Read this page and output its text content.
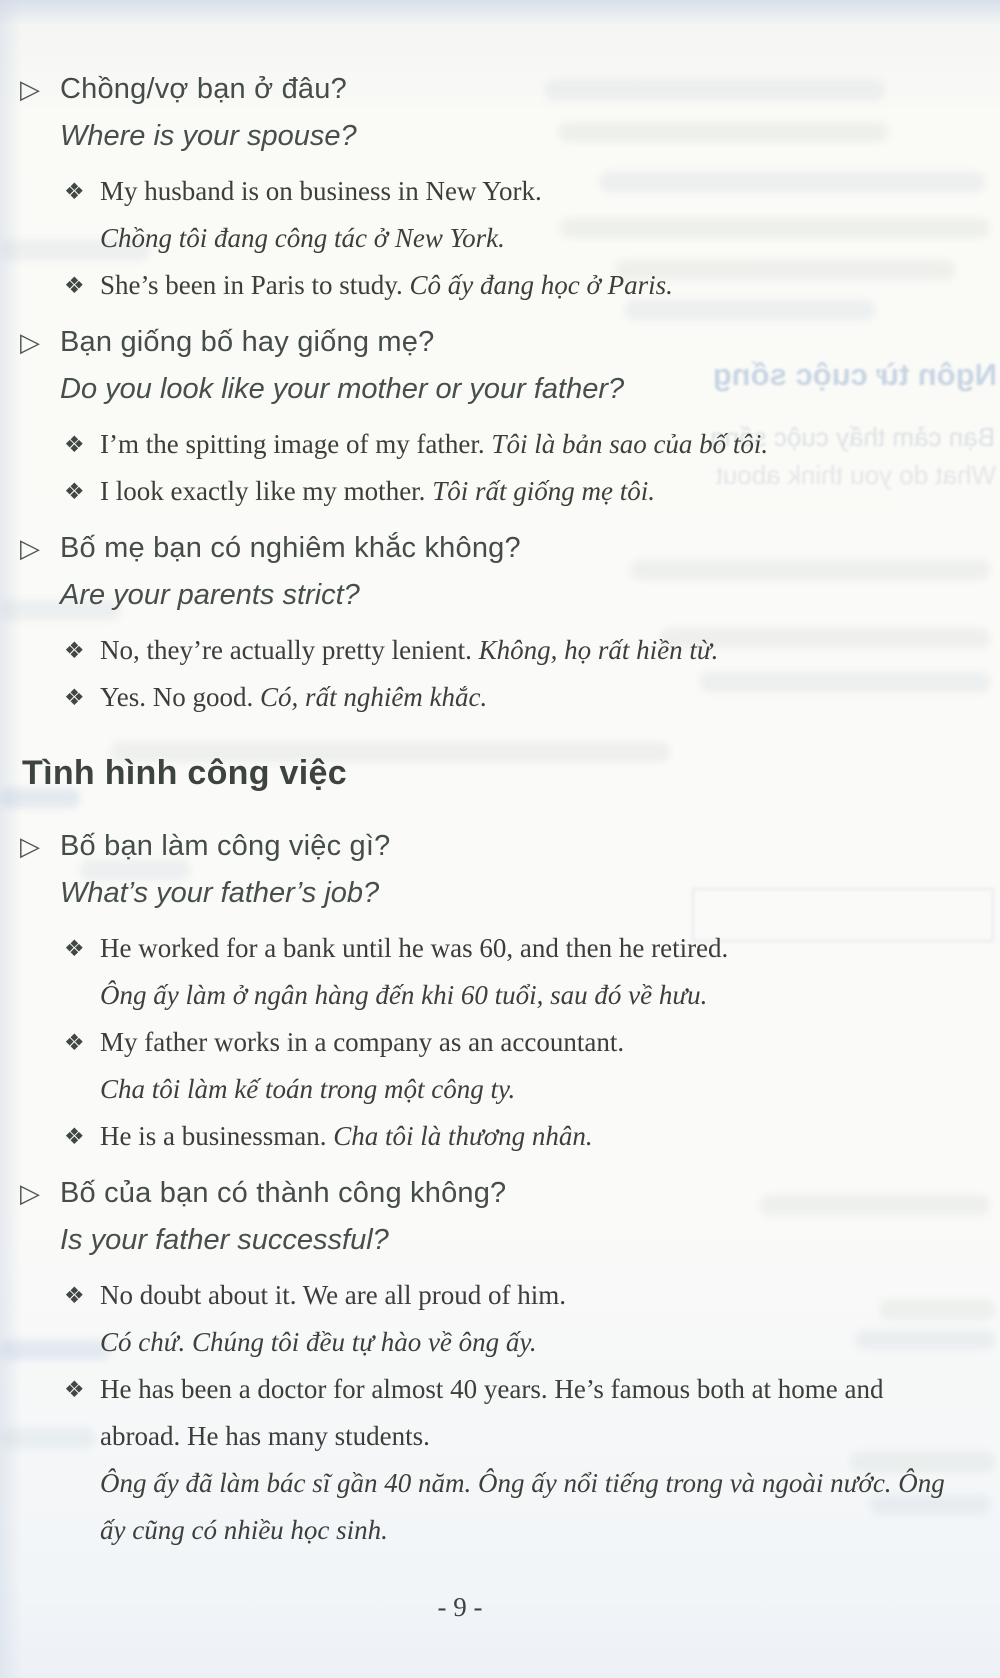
Ngôn từ cuộc sống
Bạn cảm thấy cuộc sống
What do you think about
▷ Chồng/vợ bạn ở đâu?
Where is your spouse?
❖ My husband is on business in New York.
Chồng tôi đang công tác ở New York.
❖ She’s been in Paris to study. Cô ấy đang học ở Paris.
▷ Bạn giống bố hay giống mẹ?
Do you look like your mother or your father?
❖ I’m the spitting image of my father. Tôi là bản sao của bố tôi.
❖ I look exactly like my mother. Tôi rất giống mẹ tôi.
▷ Bố mẹ bạn có nghiêm khắc không?
Are your parents strict?
❖ No, they’re actually pretty lenient. Không, họ rất hiền từ.
❖ Yes. No good. Có, rất nghiêm khắc.
Tình hình công việc
▷ Bố bạn làm công việc gì?
What’s your father’s job?
❖ He worked for a bank until he was 60, and then he retired.
Ông ấy làm ở ngân hàng đến khi 60 tuổi, sau đó về hưu.
❖ My father works in a company as an accountant.
Cha tôi làm kế toán trong một công ty.
❖ He is a businessman. Cha tôi là thương nhân.
▷ Bố của bạn có thành công không?
Is your father successful?
❖ No doubt about it. We are all proud of him.
Có chứ. Chúng tôi đều tự hào về ông ấy.
❖ He has been a doctor for almost 40 years. He’s famous both at home and abroad. He has many students.
Ông ấy đã làm bác sĩ gần 40 năm. Ông ấy nổi tiếng trong và ngoài nước. Ông ấy cũng có nhiều học sinh.
- 9 -
